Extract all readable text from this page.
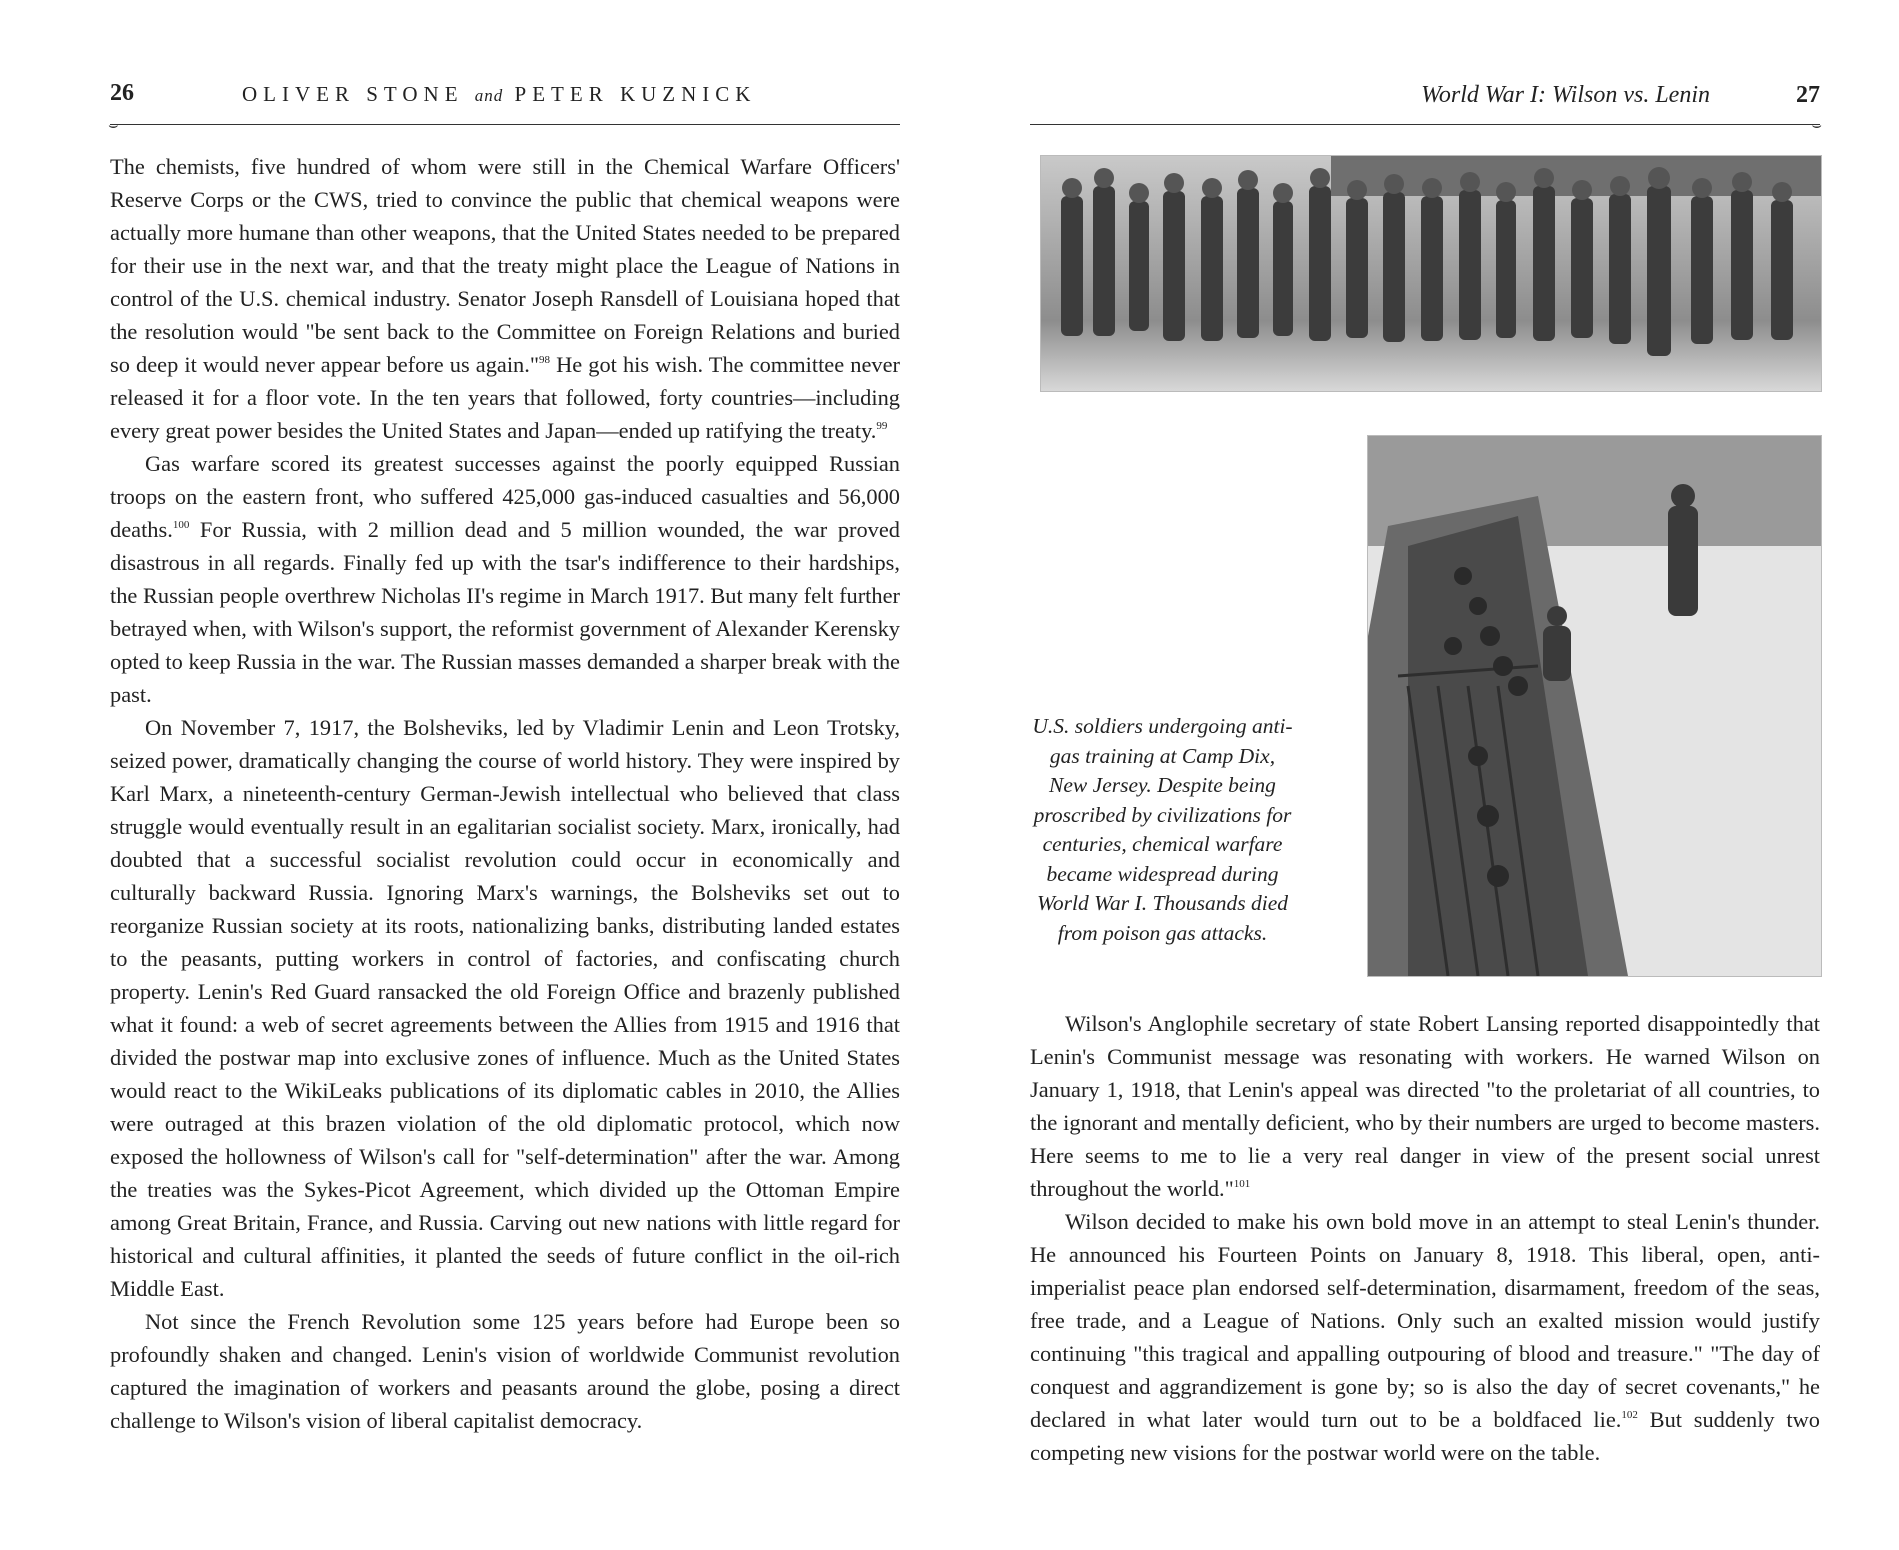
26	OLIVER STONE and PETER KUZNICK
⌣

The chemists, five hundred of whom were still in the Chemical Warfare Officers' Reserve Corps or the CWS, tried to convince the public that chemical weapons were actually more humane than other weapons, that the United States needed to be prepared for their use in the next war, and that the treaty might place the League of Nations in control of the U.S. chemical industry. Senator Joseph Ransdell of Louisiana hoped that the resolution would "be sent back to the Committee on Foreign Relations and buried so deep it would never appear before us again."$^{98}$ He got his wish. The committee never released it for a floor vote. In the ten years that followed, forty countries—including every great power besides the United States and Japan—ended up ratifying the treaty.$^{99}$

Gas warfare scored its greatest successes against the poorly equipped Russian troops on the eastern front, who suffered 425,000 gas-induced casualties and 56,000 deaths.$^{100}$ For Russia, with 2 million dead and 5 million wounded, the war proved disastrous in all regards. Finally fed up with the tsar's indifference to their hardships, the Russian people overthrew Nicholas II's regime in March 1917. But many felt further betrayed when, with Wilson's support, the reformist government of Alexander Kerensky opted to keep Russia in the war. The Russian masses demanded a sharper break with the past.

On November 7, 1917, the Bolsheviks, led by Vladimir Lenin and Leon Trotsky, seized power, dramatically changing the course of world history. They were inspired by Karl Marx, a nineteenth-century German-Jewish intellectual who believed that class struggle would eventually result in an egalitarian socialist society. Marx, ironically, had doubted that a successful socialist revolution could occur in economically and culturally backward Russia. Ignoring Marx's warnings, the Bolsheviks set out to reorganize Russian society at its roots, nationalizing banks, distributing landed estates to the peasants, putting workers in control of factories, and confiscating church property. Lenin's Red Guard ransacked the old Foreign Office and brazenly published what it found: a web of secret agreements between the Allies from 1915 and 1916 that divided the postwar map into exclusive zones of influence. Much as the United States would react to the WikiLeaks publications of its diplomatic cables in 2010, the Allies were outraged at this brazen violation of the old diplomatic protocol, which now exposed the hollowness of Wilson's call for "self-determination" after the war. Among the treaties was the Sykes-Picot Agreement, which divided up the Ottoman Empire among Great Britain, France, and Russia. Carving out new nations with little regard for historical and cultural affinities, it planted the seeds of future conflict in the oil-rich Middle East.

Not since the French Revolution some 125 years before had Europe been so profoundly shaken and changed. Lenin's vision of worldwide Communist revolution captured the imagination of workers and peasants around the globe, posing a direct challenge to Wilson's vision of liberal capitalist democracy.

World War I: Wilson vs. Lenin	27
⌣
U.S. soldiers undergoing anti-gas training at Camp Dix, New Jersey. Despite being proscribed by civilizations for centuries, chemical warfare became widespread during World War I. Thousands died from poison gas attacks.

Wilson's Anglophile secretary of state Robert Lansing reported disappointedly that Lenin's Communist message was resonating with workers. He warned Wilson on January 1, 1918, that Lenin's appeal was directed "to the proletariat of all countries, to the ignorant and mentally deficient, who by their numbers are urged to become masters. Here seems to me to lie a very real danger in view of the present social unrest throughout the world."$^{101}$

Wilson decided to make his own bold move in an attempt to steal Lenin's thunder. He announced his Fourteen Points on January 8, 1918. This liberal, open, anti-imperialist peace plan endorsed self-determination, disarmament, freedom of the seas, free trade, and a League of Nations. Only such an exalted mission would justify continuing "this tragical and appalling outpouring of blood and treasure." "The day of conquest and aggrandizement is gone by; so is also the day of secret covenants," he declared in what later would turn out to be a boldfaced lie.$^{102}$ But suddenly two competing new visions for the postwar world were on the table.
